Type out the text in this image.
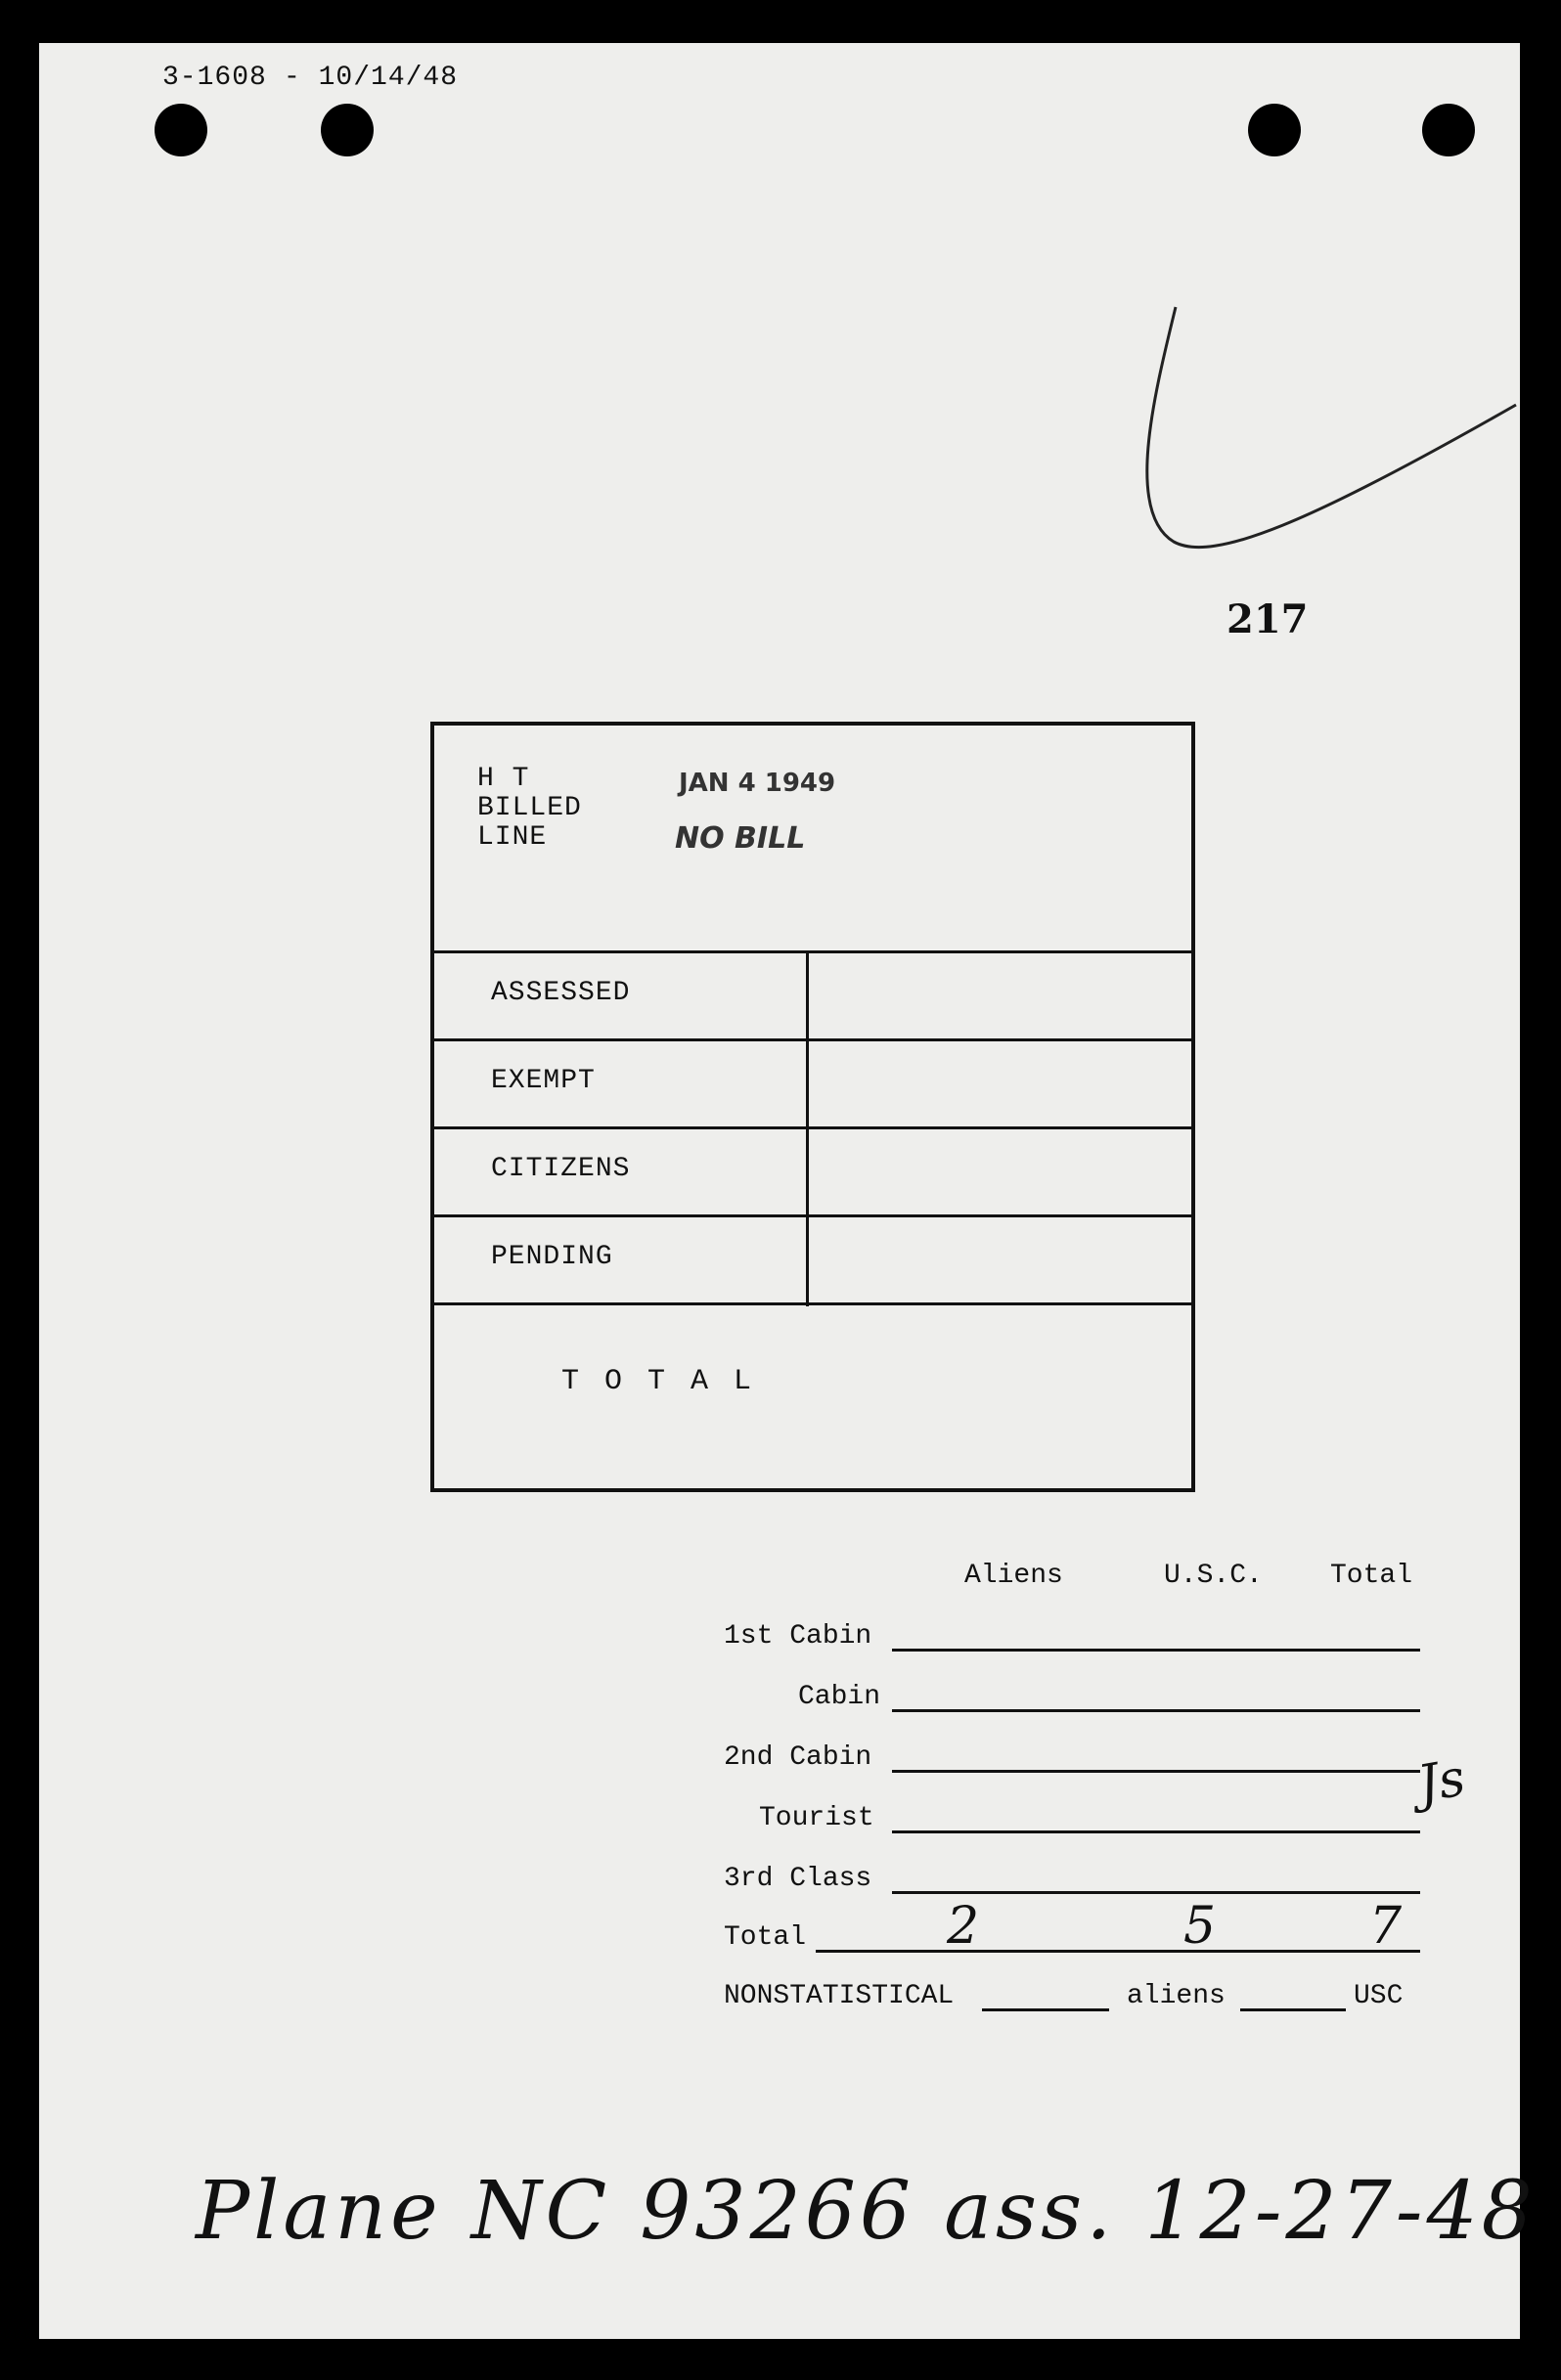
3-1608 - 10/14/48
217
H T
BILLED
LINE
JAN 4 1949
NO BILL
ASSESSED
EXEMPT
CITIZENS
PENDING
T O T A L
Aliens	U.S.C. Total
1st Cabin
Cabin
2nd Cabin
Tourist
3rd Class
Total	2	5	7
NONSTATISTICAL	aliens	USC
Js
Plane NC 93266 ass. 12-27-48
